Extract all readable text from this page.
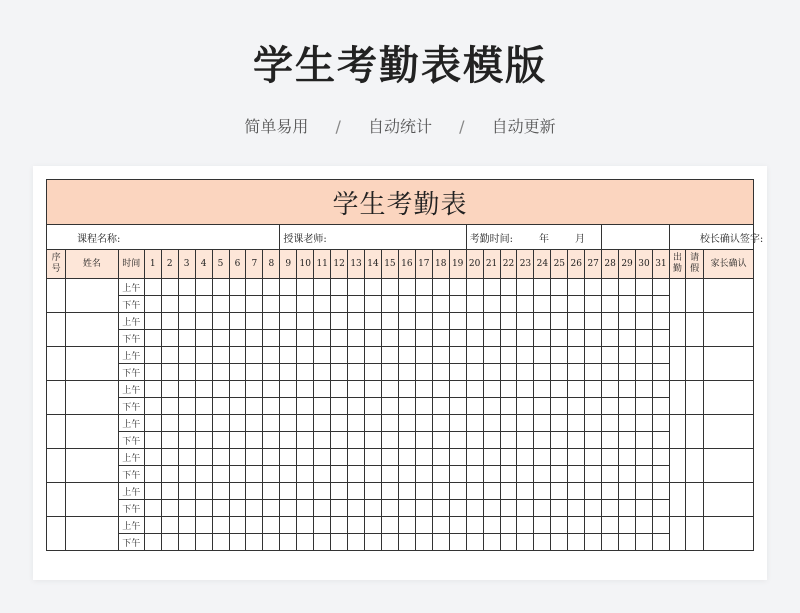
学生考勤表模版
简单易用 / 自动统计 / 自动更新
学生考勤表																																				
课程名称:											授课老师:											考勤时间: 年 月												校长确认签字:		
序号	姓名	时间	1	2	3	4	5	6	7	8	9	10	11	12	13	14	15	16	17	18	19	20	21	22	23	24	25	26	27	28	29	30	31	出勤	请假	家长确认
		上午																																		
		下午																																		
		上午																																		
		下午																																		
		上午																																		
		下午																																		
		上午																																		
		下午																																		
		上午																																		
		下午																																		
		上午																																		
		下午																																		
		上午																																		
		下午																																		
		上午																																		
		下午																																		
